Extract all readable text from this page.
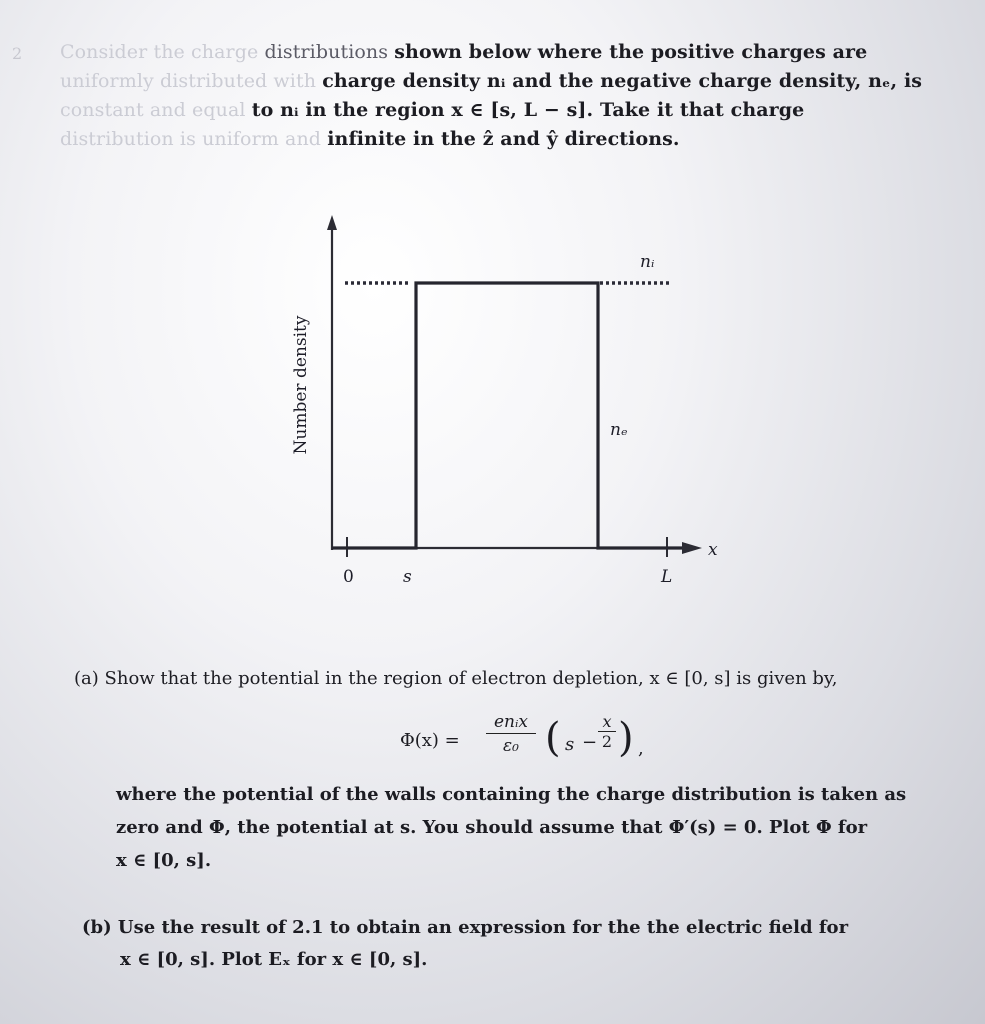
2 Consider the charge distributions shown below where the positive charges are
uniformly distributed with charge density nᵢ and the negative charge density, nₑ, is
constant and equal to nᵢ in the region x ∈ [s, L − s]. Take it that charge
distribution is uniform and infinite in the ẑ and ŷ directions.
Number density
x
0	s	L
nᵢ
nₑ
(a) Show that the potential in the region of electron depletion, x ∈ [0, s] is given by,
Φ(x) =
enᵢx
ε₀ ( $s - \frac{x}{2}$ ) ,
where the potential of the walls containing the charge distribution is taken as
zero and Φ, the potential at s. You should assume that Φ′(s) = 0. Plot Φ for
x ∈ [0, s].
(b) Use the result of 2.1 to obtain an expression for the the electric field for
x ∈ [0, s]. Plot Eₓ for x ∈ [0, s].
